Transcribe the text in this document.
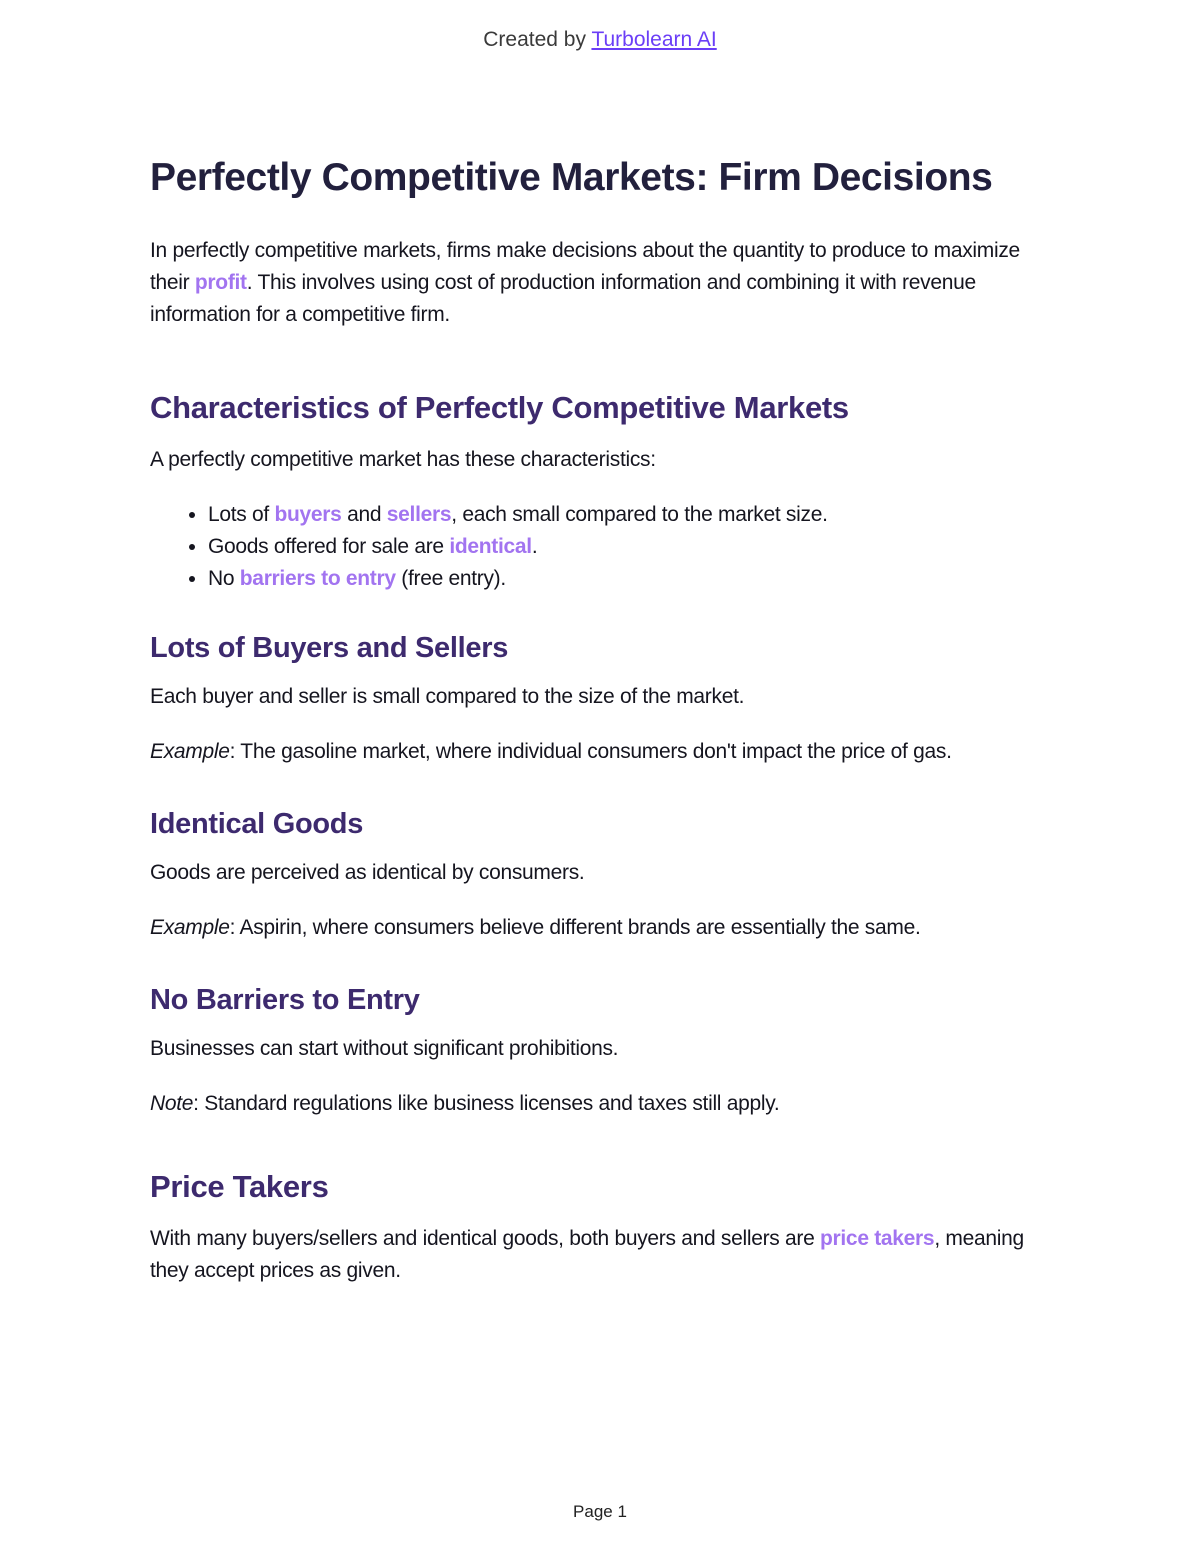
Created by Turbolearn AI
Perfectly Competitive Markets: Firm Decisions

In perfectly competitive markets, firms make decisions about the quantity to produce to maximize their profit. This involves using cost of production information and combining it with revenue information for a competitive firm.

Characteristics of Perfectly Competitive Markets

A perfectly competitive market has these characteristics:

• Lots of buyers and sellers, each small compared to the market size.
• Goods offered for sale are identical.
• No barriers to entry (free entry).
Lots of Buyers and Sellers

Each buyer and seller is small compared to the size of the market.

Example: The gasoline market, where individual consumers don't impact the price of gas.

Identical Goods

Goods are perceived as identical by consumers.

Example: Aspirin, where consumers believe different brands are essentially the same.

No Barriers to Entry

Businesses can start without significant prohibitions.

Note: Standard regulations like business licenses and taxes still apply.

Price Takers

With many buyers/sellers and identical goods, both buyers and sellers are price takers, meaning they accept prices as given.

Page 1
